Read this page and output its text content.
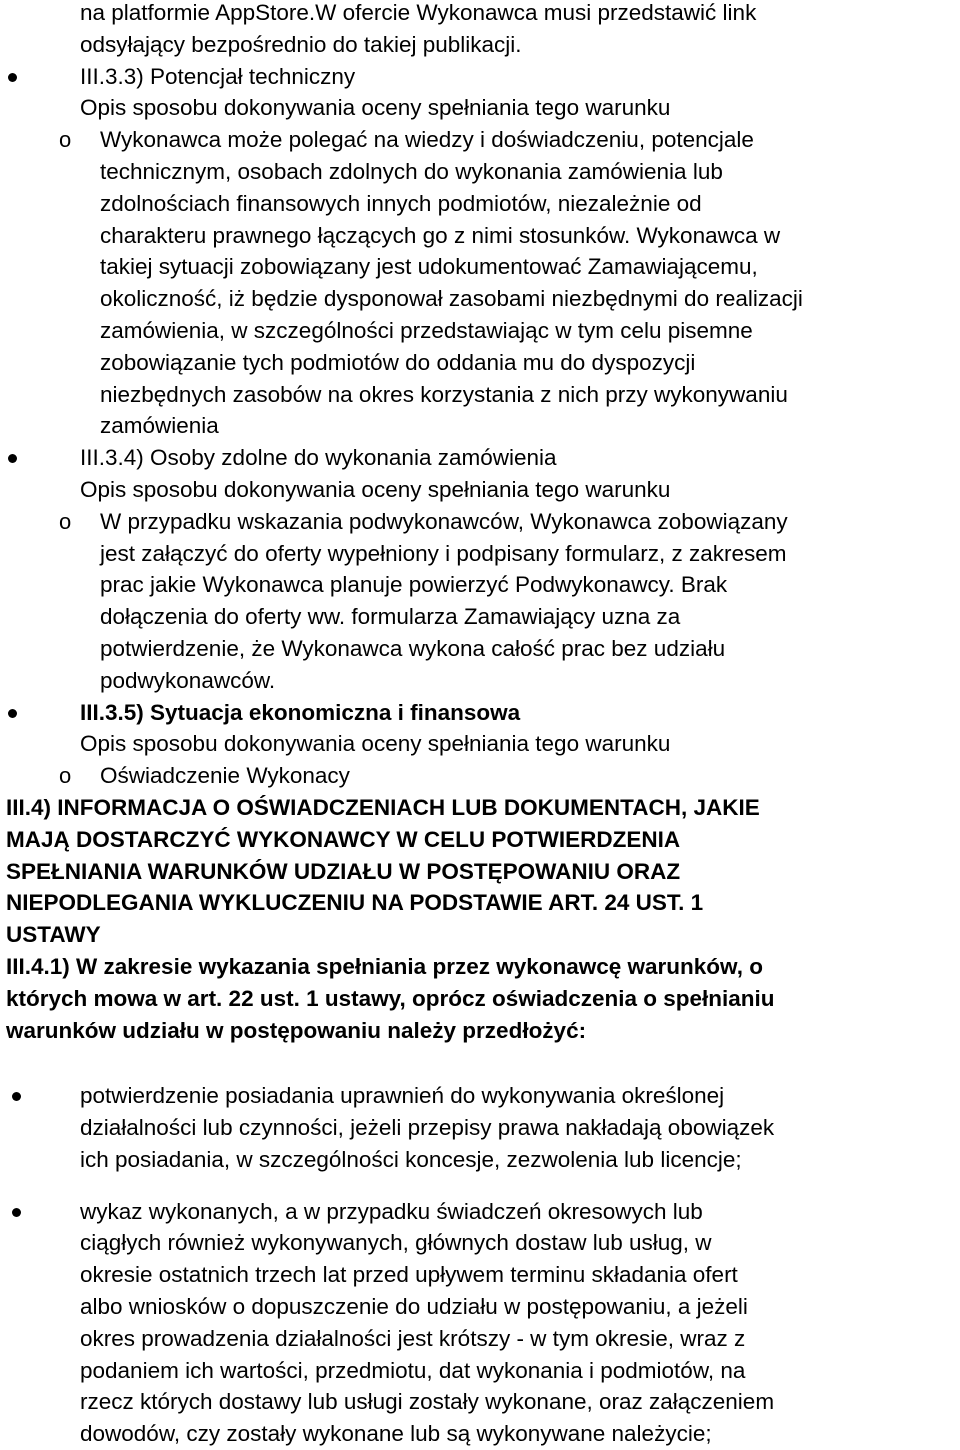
na platformie AppStore.W ofercie Wykonawca musi przedstawić link
odsyłający bezpośrednio do takiej publikacji.
III.3.3) Potencjał techniczny
Opis sposobu dokonywania oceny spełniania tego warunku
o Wykonawca może polegać na wiedzy i doświadczeniu, potencjale
technicznym, osobach zdolnych do wykonania zamówienia lub
zdolnościach finansowych innych podmiotów, niezależnie od
charakteru prawnego łączących go z nimi stosunków. Wykonawca w
takiej sytuacji zobowiązany jest udokumentować Zamawiającemu,
okoliczność, iż będzie dysponował zasobami niezbędnymi do realizacji
zamówienia, w szczególności przedstawiając w tym celu pisemne
zobowiązanie tych podmiotów do oddania mu do dyspozycji
niezbędnych zasobów na okres korzystania z nich przy wykonywaniu
zamówienia
III.3.4) Osoby zdolne do wykonania zamówienia
Opis sposobu dokonywania oceny spełniania tego warunku
o W przypadku wskazania podwykonawców, Wykonawca zobowiązany
jest załączyć do oferty wypełniony i podpisany formularz, z zakresem
prac jakie Wykonawca planuje powierzyć Podwykonawcy. Brak
dołączenia do oferty ww. formularza Zamawiający uzna za
potwierdzenie, że Wykonawca wykona całość prac bez udziału
podwykonawców.
III.3.5) Sytuacja ekonomiczna i finansowa
Opis sposobu dokonywania oceny spełniania tego warunku
o Oświadczenie Wykonacy
III.4) INFORMACJA O OŚWIADCZENIACH LUB DOKUMENTACH, JAKIE
MAJĄ DOSTARCZYĆ WYKONAWCY W CELU POTWIERDZENIA
SPEŁNIANIA WARUNKÓW UDZIAŁU W POSTĘPOWANIU ORAZ
NIEPODLEGANIA WYKLUCZENIU NA PODSTAWIE ART. 24 UST. 1
USTAWY
III.4.1) W zakresie wykazania spełniania przez wykonawcę warunków, o
których mowa w art. 22 ust. 1 ustawy, oprócz oświadczenia o spełnianiu
warunków udziału w postępowaniu należy przedłożyć:
potwierdzenie posiadania uprawnień do wykonywania określonej
działalności lub czynności, jeżeli przepisy prawa nakładają obowiązek
ich posiadania, w szczególności koncesje, zezwolenia lub licencje;
wykaz wykonanych, a w przypadku świadczeń okresowych lub
ciągłych również wykonywanych, głównych dostaw lub usług, w
okresie ostatnich trzech lat przed upływem terminu składania ofert
albo wniosków o dopuszczenie do udziału w postępowaniu, a jeżeli
okres prowadzenia działalności jest krótszy - w tym okresie, wraz z
podaniem ich wartości, przedmiotu, dat wykonania i podmiotów, na
rzecz których dostawy lub usługi zostały wykonane, oraz załączeniem
dowodów, czy zostały wykonane lub są wykonywane należycie;
